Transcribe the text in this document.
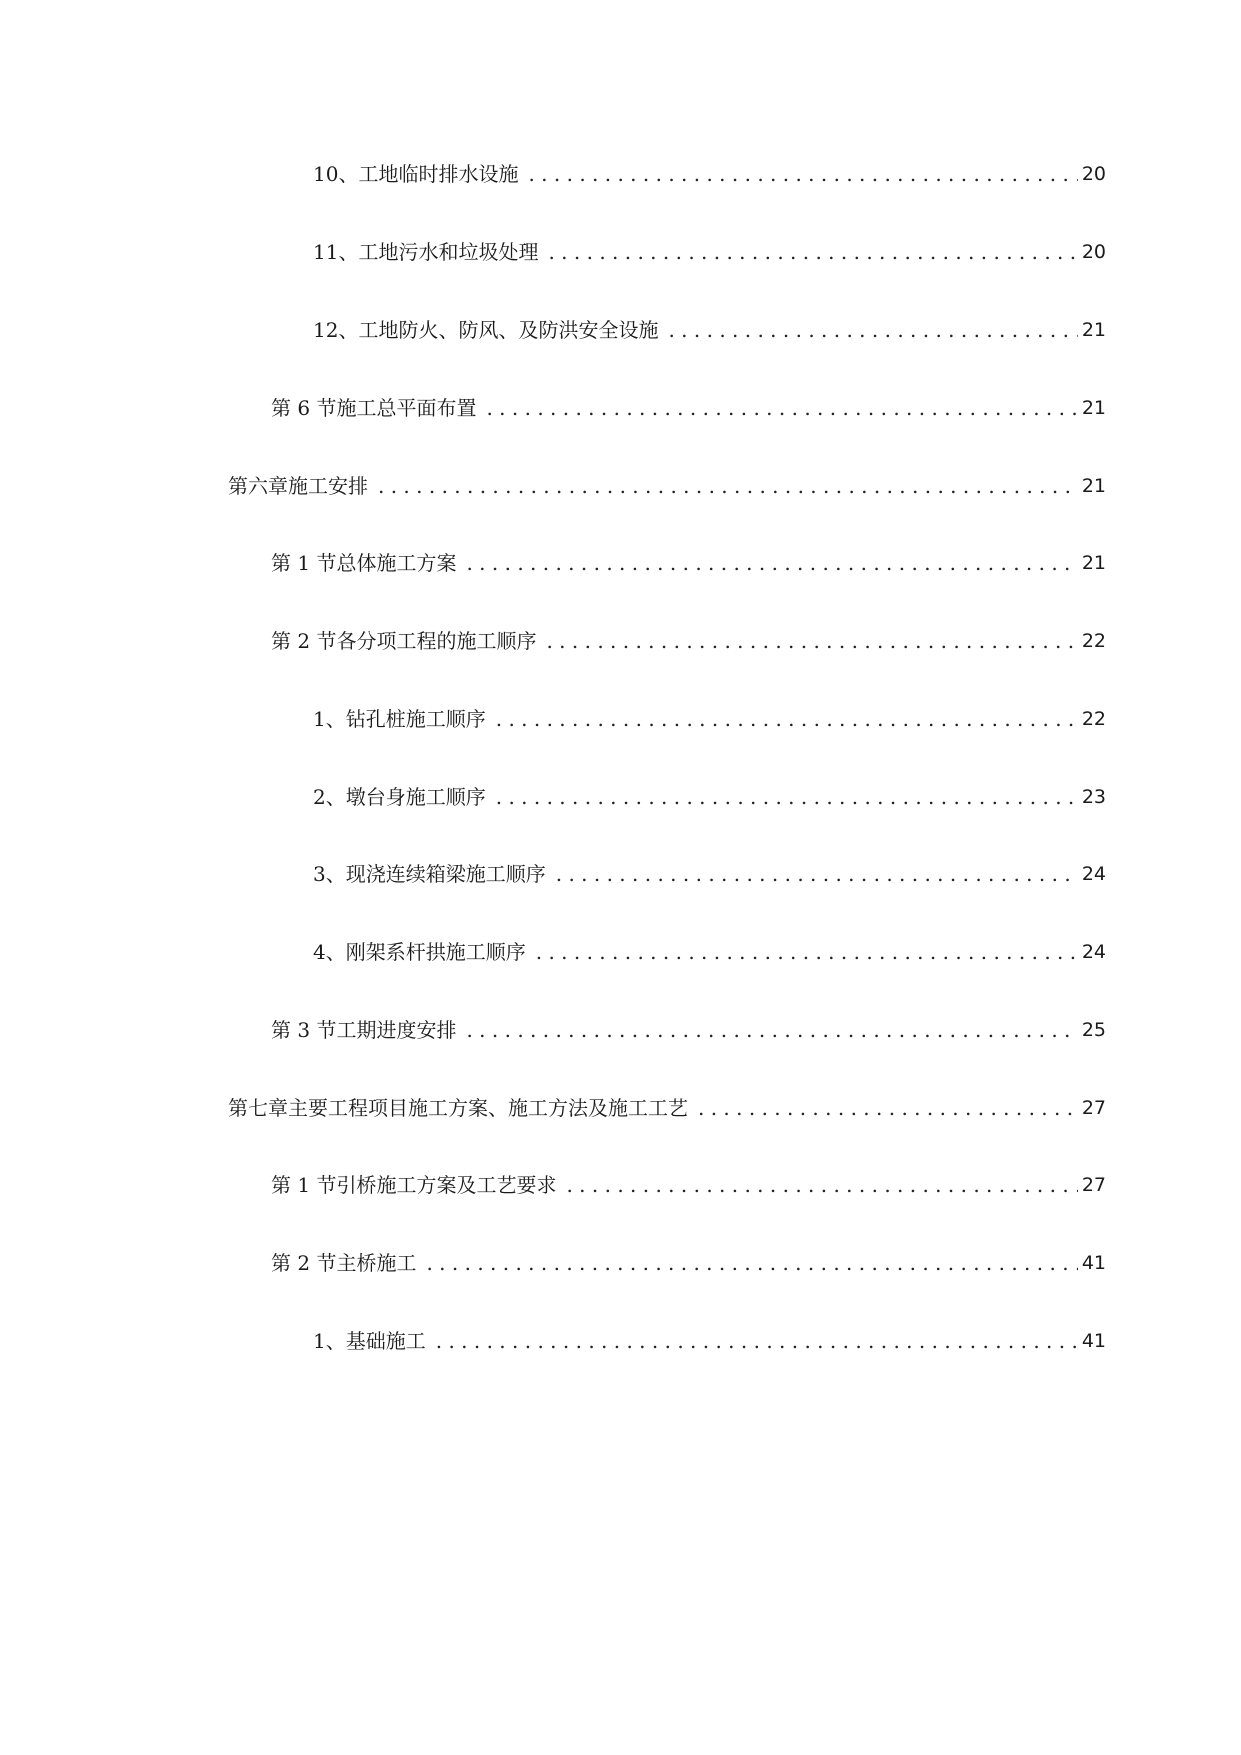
10、 工地临时排水设施 . . .	20
11、 工地污水和垃圾处理 . . .	20
12、 工地防火、防风、及防洪安全设施 . . .	21
第 6 节 施工总平面布置 . . .	21
第六章 施工安排 . . .	21
第 1 节 总体施工方案 . . .	21
第 2 节 各分项工程的施工顺序 . . .	22
1、 钻孔桩施工顺序 . . .	22
2、 墩台身施工顺序 . . .	23
3、 现浇连续箱梁施工顺序 . . .	24
4、 刚架系杆拱施工顺序 . . .	24
第 3 节 工期进度安排 . . .	25
第七章 主要工程项目施工方案、施工方法及施工工艺 . . .	27
第 1 节 引桥施工方案及工艺要求 . . .	27
第 2 节 主桥施工 . . .	41
1、 基础施工 . . .	41
